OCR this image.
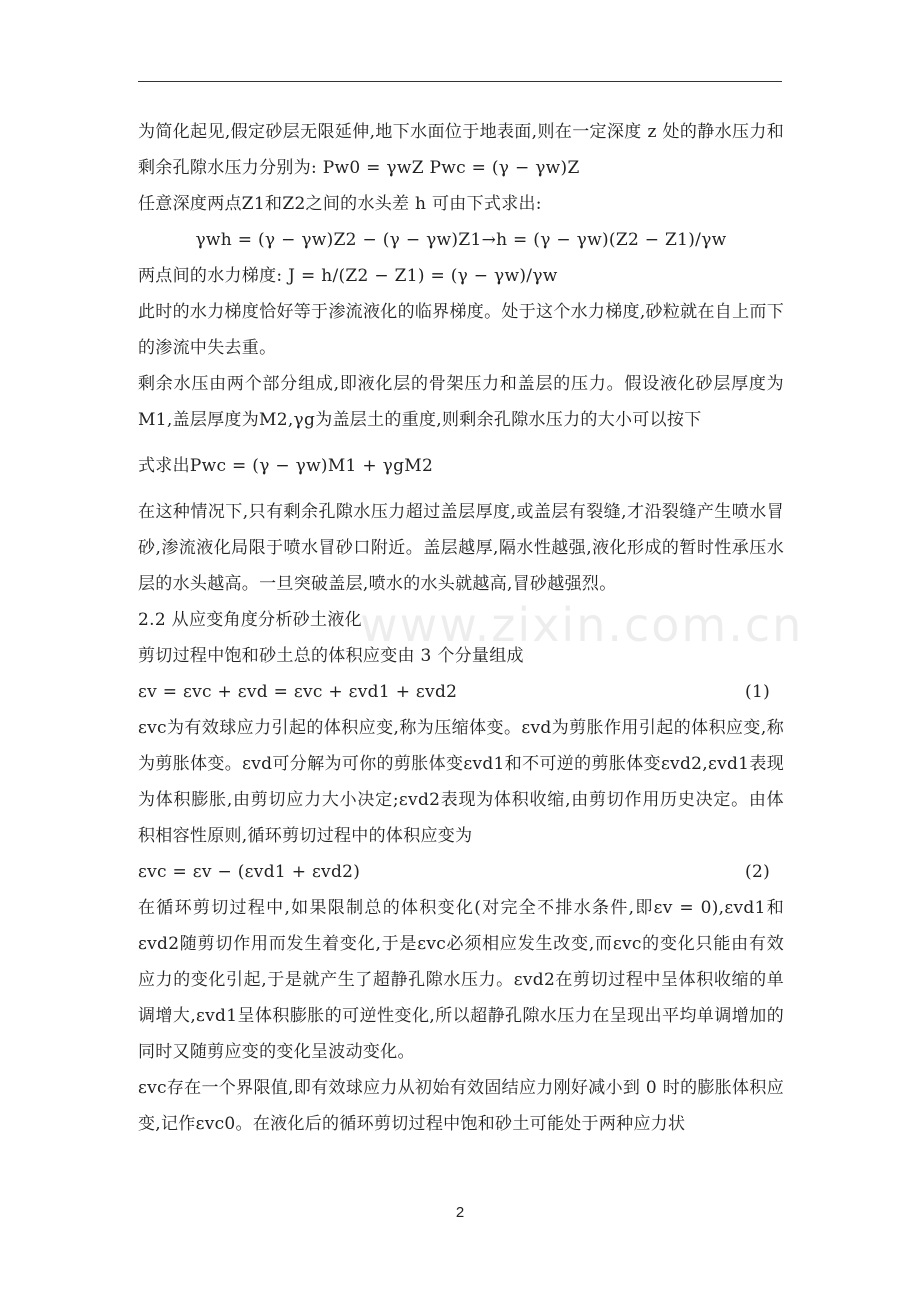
为简化起见,假定砂层无限延伸,地下水面位于地表面,则在一定深度 z 处的静水压力和剩余孔隙水压力分别为: Pw0 = γwZ Pwc = (γ − γw)Z

任意深度两点Z1和Z2之间的水头差 h 可由下式求出:

γwh = (γ − γw)Z2 − (γ − γw)Z1→h = (γ − γw)(Z2 − Z1)/γw

两点间的水力梯度: J = h/(Z2 − Z1) = (γ − γw)/γw

此时的水力梯度恰好等于渗流液化的临界梯度。处于这个水力梯度,砂粒就在自上而下的渗流中失去重。

剩余水压由两个部分组成,即液化层的骨架压力和盖层的压力。假设液化砂层厚度为M1,盖层厚度为M2,γg为盖层土的重度,则剩余孔隙水压力的大小可以按下

式求出Pwc = (γ − γw)M1 + γgM2

在这种情况下,只有剩余孔隙水压力超过盖层厚度,或盖层有裂缝,才沿裂缝产生喷水冒砂,渗流液化局限于喷水冒砂口附近。盖层越厚,隔水性越强,液化形成的暂时性承压水层的水头越高。一旦突破盖层,喷水的水头就越高,冒砂越强烈。

2.2 从应变角度分析砂土液化

剪切过程中饱和砂土总的体积应变由 3 个分量组成

εv = εvc + εvd = εvc + εvd1 + εvd2	(1)

εvc为有效球应力引起的体积应变,称为压缩体变。εvd为剪胀作用引起的体积应变,称为剪胀体变。εvd可分解为可你的剪胀体变εvd1和不可逆的剪胀体变εvd2,εvd1表现为体积膨胀,由剪切应力大小决定;εvd2表现为体积收缩,由剪切作用历史决定。由体积相容性原则,循环剪切过程中的体积应变为

εvc = εv − (εvd1 + εvd2)	(2)

在循环剪切过程中,如果限制总的体积变化(对完全不排水条件,即εv = 0),εvd1和εvd2随剪切作用而发生着变化,于是εvc必须相应发生改变,而εvc的变化只能由有效应力的变化引起,于是就产生了超静孔隙水压力。εvd2在剪切过程中呈体积收缩的单调增大,εvd1呈体积膨胀的可逆性变化,所以超静孔隙水压力在呈现出平均单调增加的同时又随剪应变的变化呈波动变化。

εvc存在一个界限值,即有效球应力从初始有效固结应力刚好减小到 0 时的膨胀体积应变,记作εvc0。在液化后的循环剪切过程中饱和砂土可能处于两种应力状

www.zixin.com.cn
2
